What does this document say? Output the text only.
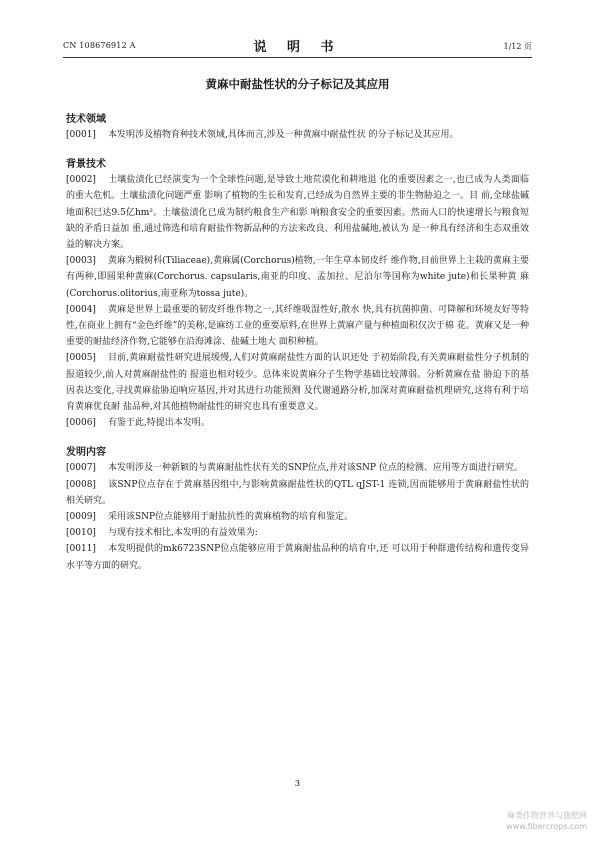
CN 108676912 A	说 明 书	1/12 页
黄麻中耐盐性状的分子标记及其应用
技术领域

[0001] 本发明涉及植物育种技术领域,具体而言,涉及一种黄麻中耐盐性状 的分子标记及其应用。

背景技术

[0002] 土壤盐渍化已经演变为一个全球性问题,是导致土地荒漠化和耕地退 化的重要因素之一,也已成为人类面临的重大危机。土壤盐渍化问题严重 影响了植物的生长和发育,已经成为自然界主要的非生物胁迫之一。目 前,全球盐碱地面积已达9.5亿hm²。土壤盐渍化已成为制约粮食生产和影 响粮食安全的重要因素。然而人口的快速增长与粮食短缺的矛盾日益加 重,通过筛选和培育耐盐作物新品种的方法来改良、利用盐碱地,被认为 是一种具有经济和生态双重效益的解决方案。

[0003] 黄麻为椴树科(Tiliaceae),黄麻属(Corchorus)植物,一年生草本韧皮纤 维作物,目前世界上主栽的黄麻主要有两种,即圆果种黄麻(Corchorus. capsularis,南亚的印度、孟加拉、尼泊尔等国称为white jute)和长果种黄 麻(Corchorus.olitorius,南亚称为tossa jute)。

[0004] 黄麻是世界上最重要的韧皮纤维作物之一,其纤维吸湿性好,散水 快,具有抗菌抑菌、可降解和环境友好等特性,在商业上拥有“金色纤维”的美称,是麻纺工业的重要原料,在世界上黄麻产量与种植面积仅次于棉 花。黄麻又是一种重要的耐盐经济作物,它能够在沿海滩涂、盐碱土地大 面积种植。

[0005] 目前,黄麻耐盐性研究进展缓慢,人们对黄麻耐盐性方面的认识还处 于初始阶段,有关黄麻耐盐性分子机制的报道较少,前人对黄麻耐盐性的 报道也相对较少。总体来说黄麻分子生物学基础比较薄弱。分析黄麻在盐 胁迫下的基因表达变化,寻找黄麻盐胁迫响应基因,并对其进行功能预测 及代谢通路分析,加深对黄麻耐盐机理研究,这将有利于培育黄麻优良耐 盐品种,对其他植物耐盐性的研究也具有重要意义。

[0006] 有鉴于此,特提出本发明。

发明内容

[0007] 本发明涉及一种新颖的与黄麻耐盐性状有关的SNP位点,并对该SNP 位点的检测、应用等方面进行研究。

[0008] 该SNP位点存在于黄麻基因组中,与影响黄麻耐盐性状的QTL qJST-1 连锁,因而能够用于黄麻耐盐性状的相关研究。

[0009] 采用该SNP位点能够用于耐盐抗性的黄麻植物的培育和鉴定。

[0010] 与现有技术相比,本发明的有益效果为:

[0011] 本发明提供的mk6723SNP位点能够应用于黄麻耐盐品种的培育中,还 可以用于种群遗传结构和遗传变异水平等方面的研究。

3
麻类作物营养与施肥网
www.fibercrops.com
